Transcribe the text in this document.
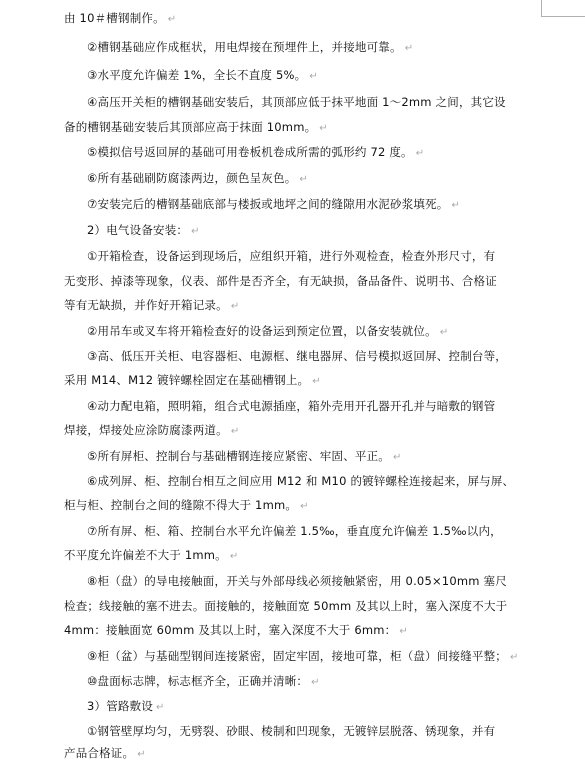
由 10＃槽钢制作。 ↵
②槽钢基础应作成框状，用电焊接在预埋件上，并接地可靠。 ↵
③水平度允许偏差 1%，全长不直度 5%。 ↵
④高压开关柜的槽钢基础安装后，其顶部应低于抹平地面 1～2mm 之间，其它设
备的槽钢基础安装后其顶部应高于抹面 10mm。 ↵
⑤模拟信号返回屏的基础可用卷板机卷成所需的弧形约 72 度。 ↵
⑥所有基础刷防腐漆两边，颜色呈灰色。 ↵
⑦安装完后的槽钢基础底部与楼扳或地坪之间的缝隙用水泥砂浆填死。 ↵
2）电气设备安装： ↵
①开箱检查，设备运到现场后，应组织开箱，进行外观检查，检查外形尺寸，有
无变形、掉漆等现象，仪表、部件是否齐全，有无缺损，备品备件、说明书、合格证
等有无缺损，并作好开箱记录。 ↵
②用吊车或叉车将开箱检查好的设备运到预定位置，以备安装就位。 ↵
③高、低压开关柜、电容器柜、电源框、继电器屏、信号模拟返回屏、控制台等，
采用 M14、M12 镀锌螺栓固定在基础槽钢上。 ↵
④动力配电箱，照明箱，组合式电源插座，箱外壳用开孔器开孔并与暗敷的钢管
焊接，焊接处应涂防腐漆两道。 ↵
⑤所有屏柜、控制台与基础槽钢连接应紧密、牢固、平正。 ↵
⑥成列屏、柜、控制台相互之间应用 M12 和 M10 的镀锌螺栓连接起来，屏与屏、
柜与柜、控制台之间的缝隙不得大于 1mm。 ↵
⑦所有屏、柜、箱、控制台水平允许偏差 1.5‰，垂直度允许偏差 1.5‰以内，
不平度允许偏差不大于 1mm。 ↵
⑧柜（盘）的导电接触面，开关与外部母线必须接触紧密，用 0.05×10mm 塞尺
检查；线接触的塞不进去。面接触的，接触面宽 50mm 及其以上时，塞入深度不大于
4mm：接触面宽 60mm 及其以上时，塞入深度不大于 6mm： ↵
⑨柜（盆）与基础型钢间连接紧密，固定牢固，接地可靠，柜（盘）间接缝平整； ↵
⑩盘面标志牌，标志框齐全，正确并清晰： ↵
3）管路敷设 ↵
①钢管壁厚均匀，无劈裂、砂眼、棱制和凹现象，无镀锌层脱落、锈现象，并有
产品合格证。 ↵
